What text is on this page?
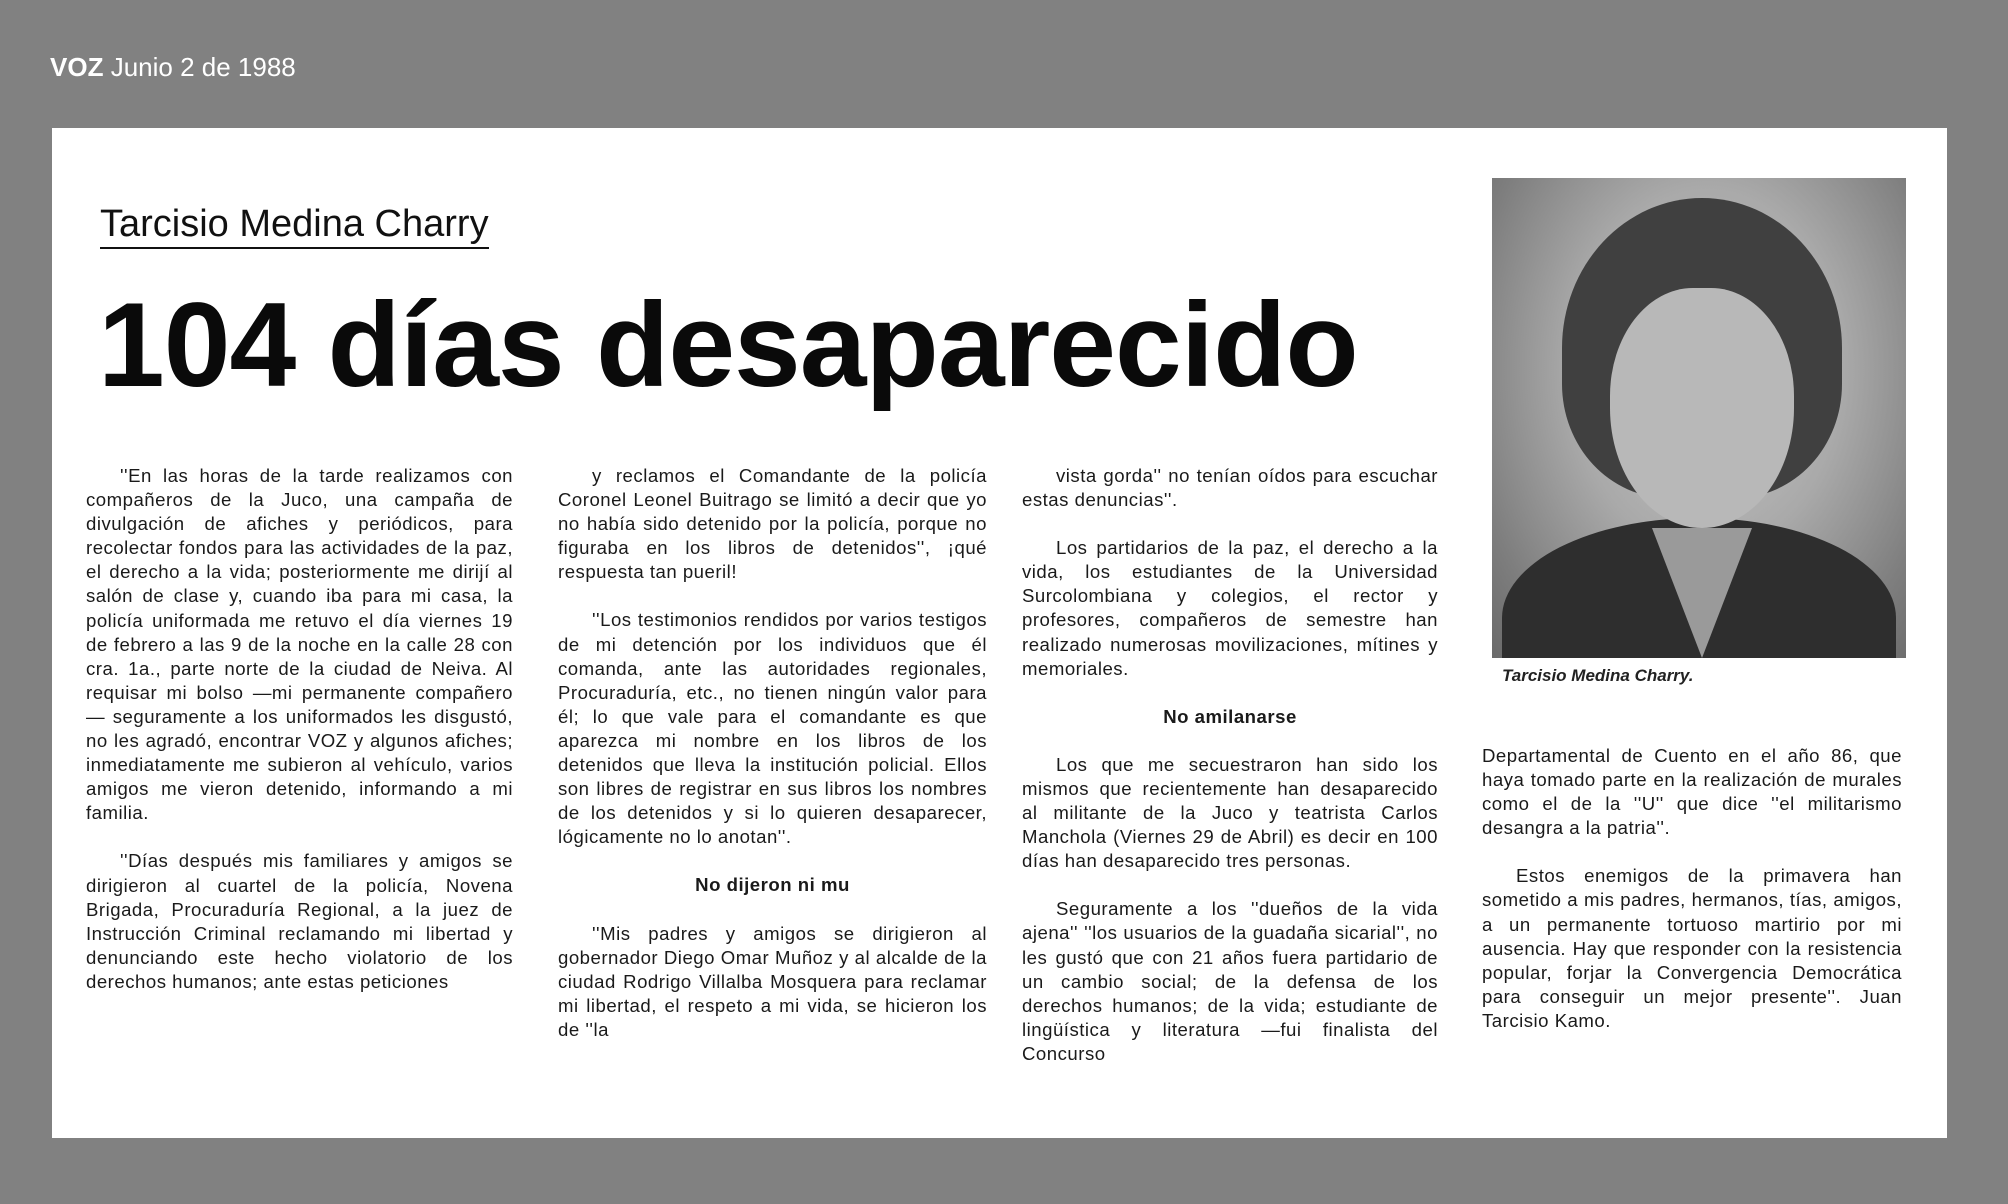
VOZ Junio 2 de 1988
Tarcisio Medina Charry
104 días desaparecido

''En las horas de la tarde realizamos con compañeros de la Juco, una campaña de divulgación de afiches y periódicos, para recolectar fondos para las actividades de la paz, el derecho a la vida; posteriormente me dirijí al salón de clase y, cuando iba para mi casa, la policía uniformada me retuvo el día viernes 19 de febrero a las 9 de la noche en la calle 28 con cra. 1a., parte norte de la ciudad de Neiva. Al requisar mi bolso —mi permanente compañero— seguramente a los uniformados les disgustó, no les agradó, encontrar VOZ y algunos afiches; inmediatamente me subieron al vehículo, varios amigos me vieron detenido, informando a mi familia.

''Días después mis familiares y amigos se dirigieron al cuartel de la policía, Novena Brigada, Procuraduría Regional, a la juez de Instrucción Criminal reclamando mi libertad y denunciando este hecho violatorio de los derechos humanos; ante estas peticiones

y reclamos el Comandante de la policía Coronel Leonel Buitrago se limitó a decir que yo no había sido detenido por la policía, porque no figuraba en los libros de detenidos'', ¡qué respuesta tan pueril!

''Los testimonios rendidos por varios testigos de mi detención por los individuos que él comanda, ante las autoridades regionales, Procuraduría, etc., no tienen ningún valor para él; lo que vale para el comandante es que aparezca mi nombre en los libros de los detenidos que lleva la institución policial. Ellos son libres de registrar en sus libros los nombres de los detenidos y si lo quieren desaparecer, lógicamente no lo anotan''.

No dijeron ni mu

''Mis padres y amigos se dirigieron al gobernador Diego Omar Muñoz y al alcalde de la ciudad Rodrigo Villalba Mosquera para reclamar mi libertad, el respeto a mi vida, se hicieron los de ''la

vista gorda'' no tenían oídos para escuchar estas denuncias''.

Los partidarios de la paz, el derecho a la vida, los estudiantes de la Universidad Surcolombiana y colegios, el rector y profesores, compañeros de semestre han realizado numerosas movilizaciones, mítines y memoriales.

No amilanarse

Los que me secuestraron han sido los mismos que recientemente han desaparecido al militante de la Juco y teatrista Carlos Manchola (Viernes 29 de Abril) es decir en 100 días han desaparecido tres personas.

Seguramente a los ''dueños de la vida ajena'' ''los usuarios de la guadaña sicarial'', no les gustó que con 21 años fuera partidario de un cambio social; de la defensa de los derechos humanos; de la vida; estudiante de lingüística y literatura —fui finalista del Concurso

Tarcisio Medina Charry.

Departamental de Cuento en el año 86, que haya tomado parte en la realización de murales como el de la ''U'' que dice ''el militarismo desangra a la patria''.

Estos enemigos de la primavera han sometido a mis padres, hermanos, tías, amigos, a un permanente tortuoso martirio por mi ausencia. Hay que responder con la resistencia popular, forjar la Convergencia Democrática para conseguir un mejor presente''. Juan Tarcisio Kamo.
